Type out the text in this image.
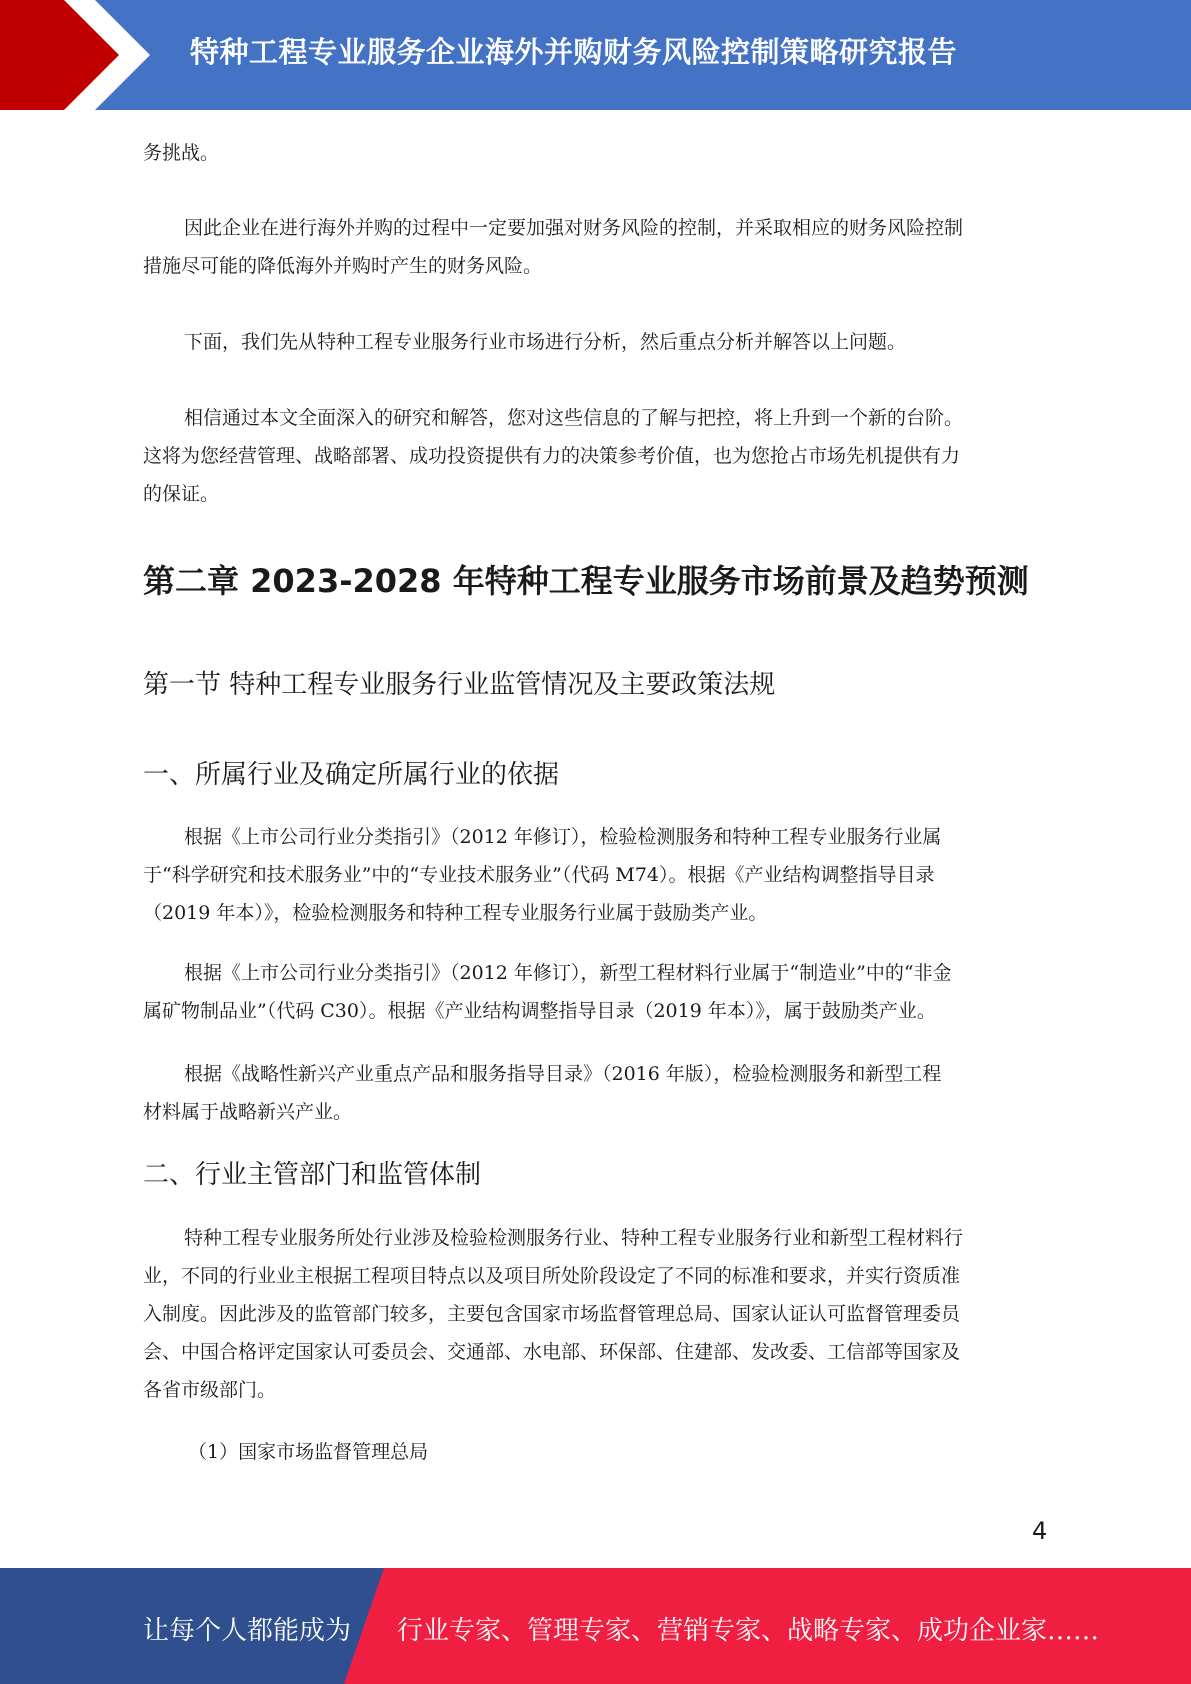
特种工程专业服务企业海外并购财务风险控制策略研究报告
务挑战。
因此企业在进行海外并购的过程中一定要加强对财务风险的控制，并采取相应的财务风险控制
措施尽可能的降低海外并购时产生的财务风险。
下面，我们先从特种工程专业服务行业市场进行分析，然后重点分析并解答以上问题。
相信通过本文全面深入的研究和解答，您对这些信息的了解与把控，将上升到一个新的台阶。
这将为您经营管理、战略部署、成功投资提供有力的决策参考价值，也为您抢占市场先机提供有力
的保证。
第二章 2023-2028 年特种工程专业服务市场前景及趋势预测
第一节 特种工程专业服务行业监管情况及主要政策法规
一、所属行业及确定所属行业的依据
根据《上市公司行业分类指引》（2012 年修订），检验检测服务和特种工程专业服务行业属
于“科学研究和技术服务业”中的“专业技术服务业”（代码 M74）。根据《产业结构调整指导目录
（2019 年本）》，检验检测服务和特种工程专业服务行业属于鼓励类产业。
根据《上市公司行业分类指引》（2012 年修订），新型工程材料行业属于“制造业”中的“非金
属矿物制品业”（代码 C30）。根据《产业结构调整指导目录（2019 年本）》，属于鼓励类产业。
根据《战略性新兴产业重点产品和服务指导目录》（2016 年版），检验检测服务和新型工程
材料属于战略新兴产业。
二、行业主管部门和监管体制
特种工程专业服务所处行业涉及检验检测服务行业、特种工程专业服务行业和新型工程材料行
业，不同的行业业主根据工程项目特点以及项目所处阶段设定了不同的标准和要求，并实行资质准
入制度。因此涉及的监管部门较多，主要包含国家市场监督管理总局、国家认证认可监督管理委员
会、中国合格评定国家认可委员会、交通部、水电部、环保部、住建部、发改委、工信部等国家及
各省市级部门。
（1）国家市场监督管理总局
4
让每个人都能成为 行业专家、管理专家、营销专家、战略专家、成功企业家……
